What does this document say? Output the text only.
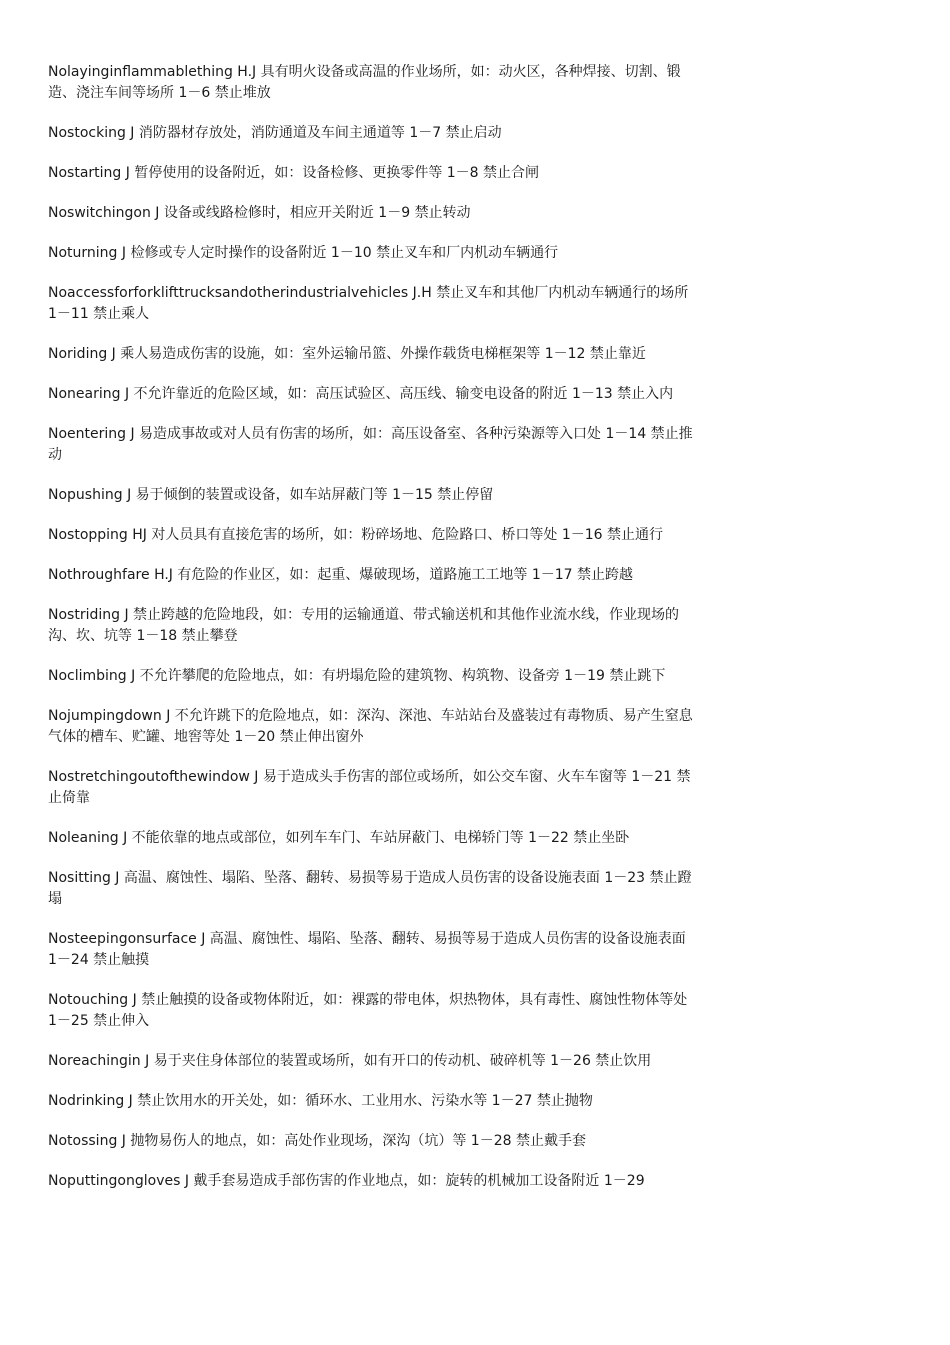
Nolayinginflammablething H.J 具有明火设备或高温的作业场所，如：动火区，各种焊接、切割、锻造、浇注车间等场所 1－6 禁止堆放

Nostocking J 消防器材存放处，消防通道及车间主通道等 1－7 禁止启动

Nostarting J 暂停使用的设备附近，如：设备检修、更换零件等 1－8 禁止合闸

Noswitchingon J 设备或线路检修时，相应开关附近 1－9 禁止转动

Noturning J 检修或专人定时操作的设备附近 1－10 禁止叉车和厂内机动车辆通行

Noaccessforforklifttrucksandotherindustrialvehicles J.H 禁止叉车和其他厂内机动车辆通行的场所 1－11 禁止乘人

Noriding J 乘人易造成伤害的设施，如：室外运输吊篮、外操作载货电梯框架等 1－12 禁止靠近

Nonearing J 不允许靠近的危险区域，如：高压试验区、高压线、输变电设备的附近 1－13 禁止入内

Noentering J 易造成事故或对人员有伤害的场所，如：高压设备室、各种污染源等入口处 1－14 禁止推动

Nopushing J 易于倾倒的装置或设备，如车站屏蔽门等 1－15 禁止停留

Nostopping HJ 对人员具有直接危害的场所，如：粉碎场地、危险路口、桥口等处 1－16 禁止通行

Nothroughfare H.J 有危险的作业区，如：起重、爆破现场，道路施工工地等 1－17 禁止跨越

Nostriding J 禁止跨越的危险地段，如：专用的运输通道、带式输送机和其他作业流水线，作业现场的沟、坎、坑等 1－18 禁止攀登

Noclimbing J 不允许攀爬的危险地点，如：有坍塌危险的建筑物、构筑物、设备旁 1－19 禁止跳下

Nojumpingdown J 不允许跳下的危险地点，如：深沟、深池、车站站台及盛装过有毒物质、易产生窒息气体的槽车、贮罐、地窖等处 1－20 禁止伸出窗外

Nostretchingoutofthewindow J 易于造成头手伤害的部位或场所，如公交车窗、火车车窗等 1－21 禁止倚靠

Noleaning J 不能依靠的地点或部位，如列车车门、车站屏蔽门、电梯轿门等 1－22 禁止坐卧

Nositting J 高温、腐蚀性、塌陷、坠落、翻转、易损等易于造成人员伤害的设备设施表面 1－23 禁止蹬塌

Nosteepingonsurface J 高温、腐蚀性、塌陷、坠落、翻转、易损等易于造成人员伤害的设备设施表面 1－24 禁止触摸

Notouching J 禁止触摸的设备或物体附近，如：裸露的带电体，炽热物体，具有毒性、腐蚀性物体等处 1－25 禁止伸入

Noreachingin J 易于夹住身体部位的装置或场所，如有开口的传动机、破碎机等 1－26 禁止饮用

Nodrinking J 禁止饮用水的开关处，如：循环水、工业用水、污染水等 1－27 禁止抛物

Notossing J 抛物易伤人的地点，如：高处作业现场，深沟（坑）等 1－28 禁止戴手套

Noputtingongloves J 戴手套易造成手部伤害的作业地点，如：旋转的机械加工设备附近 1－29
